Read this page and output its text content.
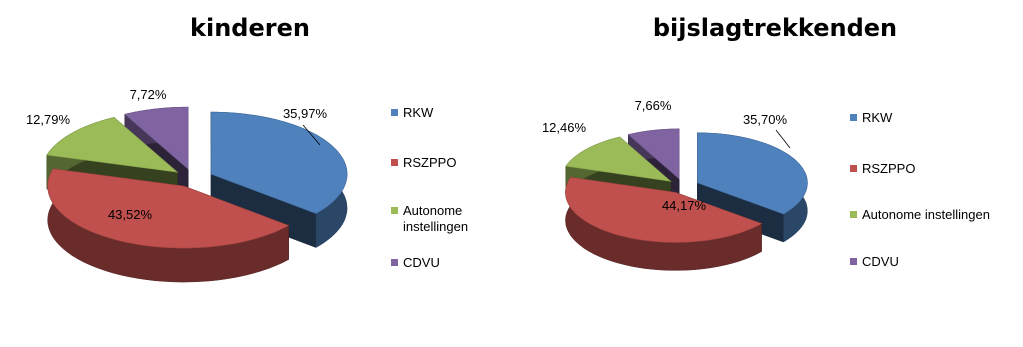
kinderen	bijslagtrekkenden
35,97%
43,52%
12,79%
7,72%
35,70%
44,17%
12,46%
7,66%
RKW
RSZPPO
Autonome
instellingen
CDVU
RKW
RSZPPO
Autonome instellingen
CDVU
